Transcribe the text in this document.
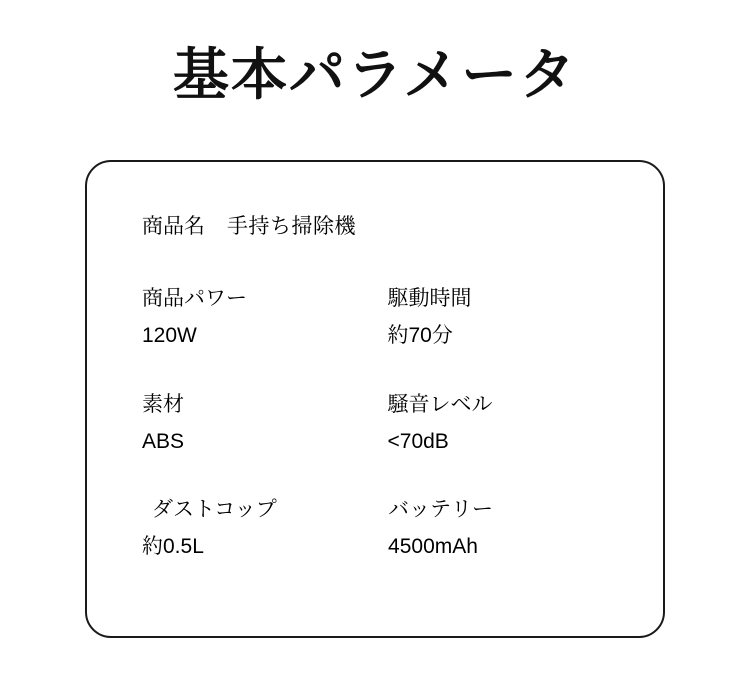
基本パラメータ
商品名 手持ち掃除機
商品パワー
120W
駆動時間
約70分
素材
ABS
騒音レベル
<70dB
ダストコップ
約0.5L
バッテリー
4500mAh
